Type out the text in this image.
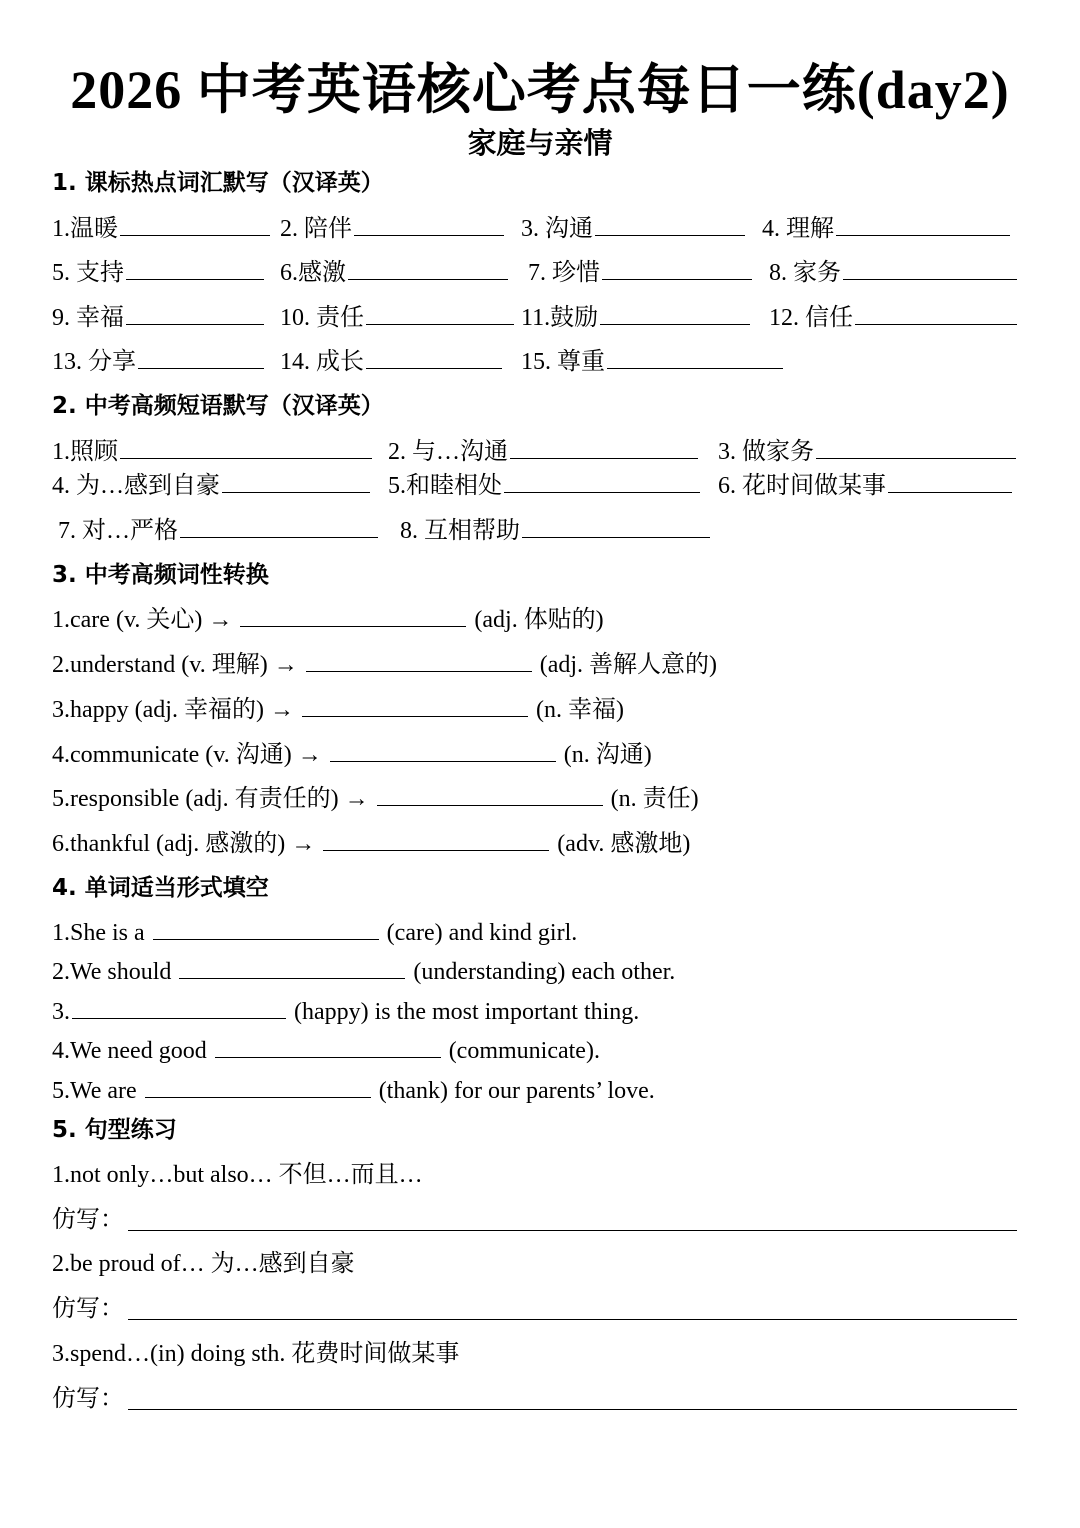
2026 中考英语核心考点每日一练(day2)
家庭与亲情
1. 课标热点词汇默写（汉译英）
1.温暖	2. 陪伴	3. 沟通	4. 理解
5. 支持	6.感激	7. 珍惜	8. 家务
9. 幸福	10. 责任	11.鼓励	12. 信任
13. 分享	14. 成长	15. 尊重
2. 中考高频短语默写（汉译英）
1.照顾	2. 与…沟通	3. 做家务
4. 为…感到自豪	5.和睦相处	6. 花时间做某事
7. 对…严格	8. 互相帮助
3. 中考高频词性转换
1.care (v. 关心) →	(adj. 体贴的)
2.understand (v. 理解) →	(adj. 善解人意的)
3.happy (adj. 幸福的) →	(n. 幸福)
4.communicate (v. 沟通) →	(n. 沟通)
5.responsible (adj. 有责任的) →	(n. 责任)
6.thankful (adj. 感激的) →	(adv. 感激地)
4. 单词适当形式填空
1.She is a	(care) and kind girl.
2.We should	(understanding) each other.
3.	(happy) is the most important thing.
4.We need good	(communicate).
5.We are	(thank) for our parents’ love.
5. 句型练习
1.not only…but also… 不但…而且…
仿写：
2.be proud of… 为…感到自豪
仿写：
3.spend…(in) doing sth. 花费时间做某事
仿写：
